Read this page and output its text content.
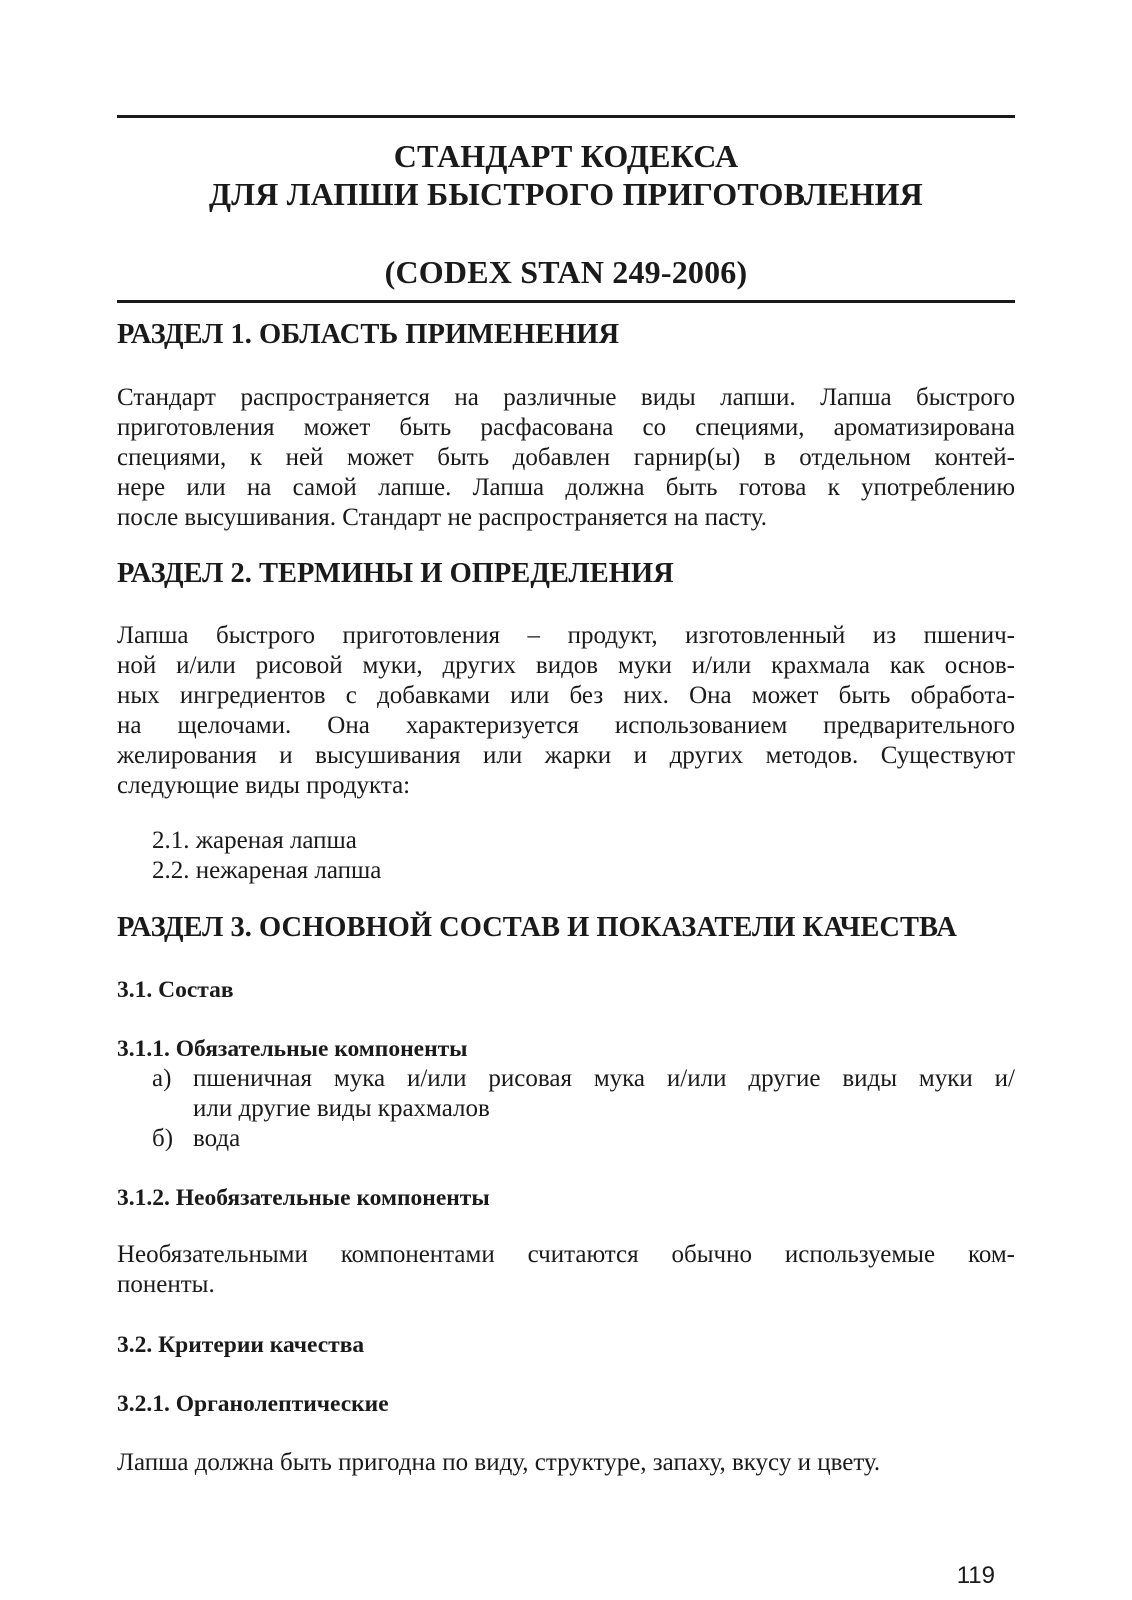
СТАНДАРТ КОДЕКСА
ДЛЯ ЛАПШИ БЫСТРОГО ПРИГОТОВЛЕНИЯ
(CODEX STAN 249-2006)
РАЗДЕЛ 1. ОБЛАСТЬ ПРИМЕНЕНИЯ
Стандарт распространяется на различные виды лапши. Лапша быстрого
приготовления может быть расфасована со специями, ароматизирована
специями, к ней может быть добавлен гарнир(ы) в отдельном контей-
нере или на самой лапше. Лапша должна быть готова к употреблению
после высушивания. Стандарт не распространяется на пасту.
РАЗДЕЛ 2. ТЕРМИНЫ И ОПРЕДЕЛЕНИЯ
Лапша быстрого приготовления – продукт, изготовленный из пшенич-
ной и/или рисовой муки, других видов муки и/или крахмала как основ-
ных ингредиентов с добавками или без них. Она может быть обработа-
на щелочами. Она характеризуется использованием предварительного
желирования и высушивания или жарки и других методов. Существуют
следующие виды продукта:
2.1. жареная лапша
2.2. нежареная лапша
РАЗДЕЛ 3. ОСНОВНОЙ СОСТАВ И ПОКАЗАТЕЛИ КАЧЕСТВА
3.1. Состав
3.1.1. Обязательные компоненты
а) пшеничная мука и/или рисовая мука и/или другие виды муки и/
или другие виды крахмалов
б) вода
3.1.2. Необязательные компоненты
Необязательными компонентами считаются обычно используемые ком-
поненты.
3.2. Критерии качества
3.2.1. Органолептические
Лапша должна быть пригодна по виду, структуре, запаху, вкусу и цвету.
119
